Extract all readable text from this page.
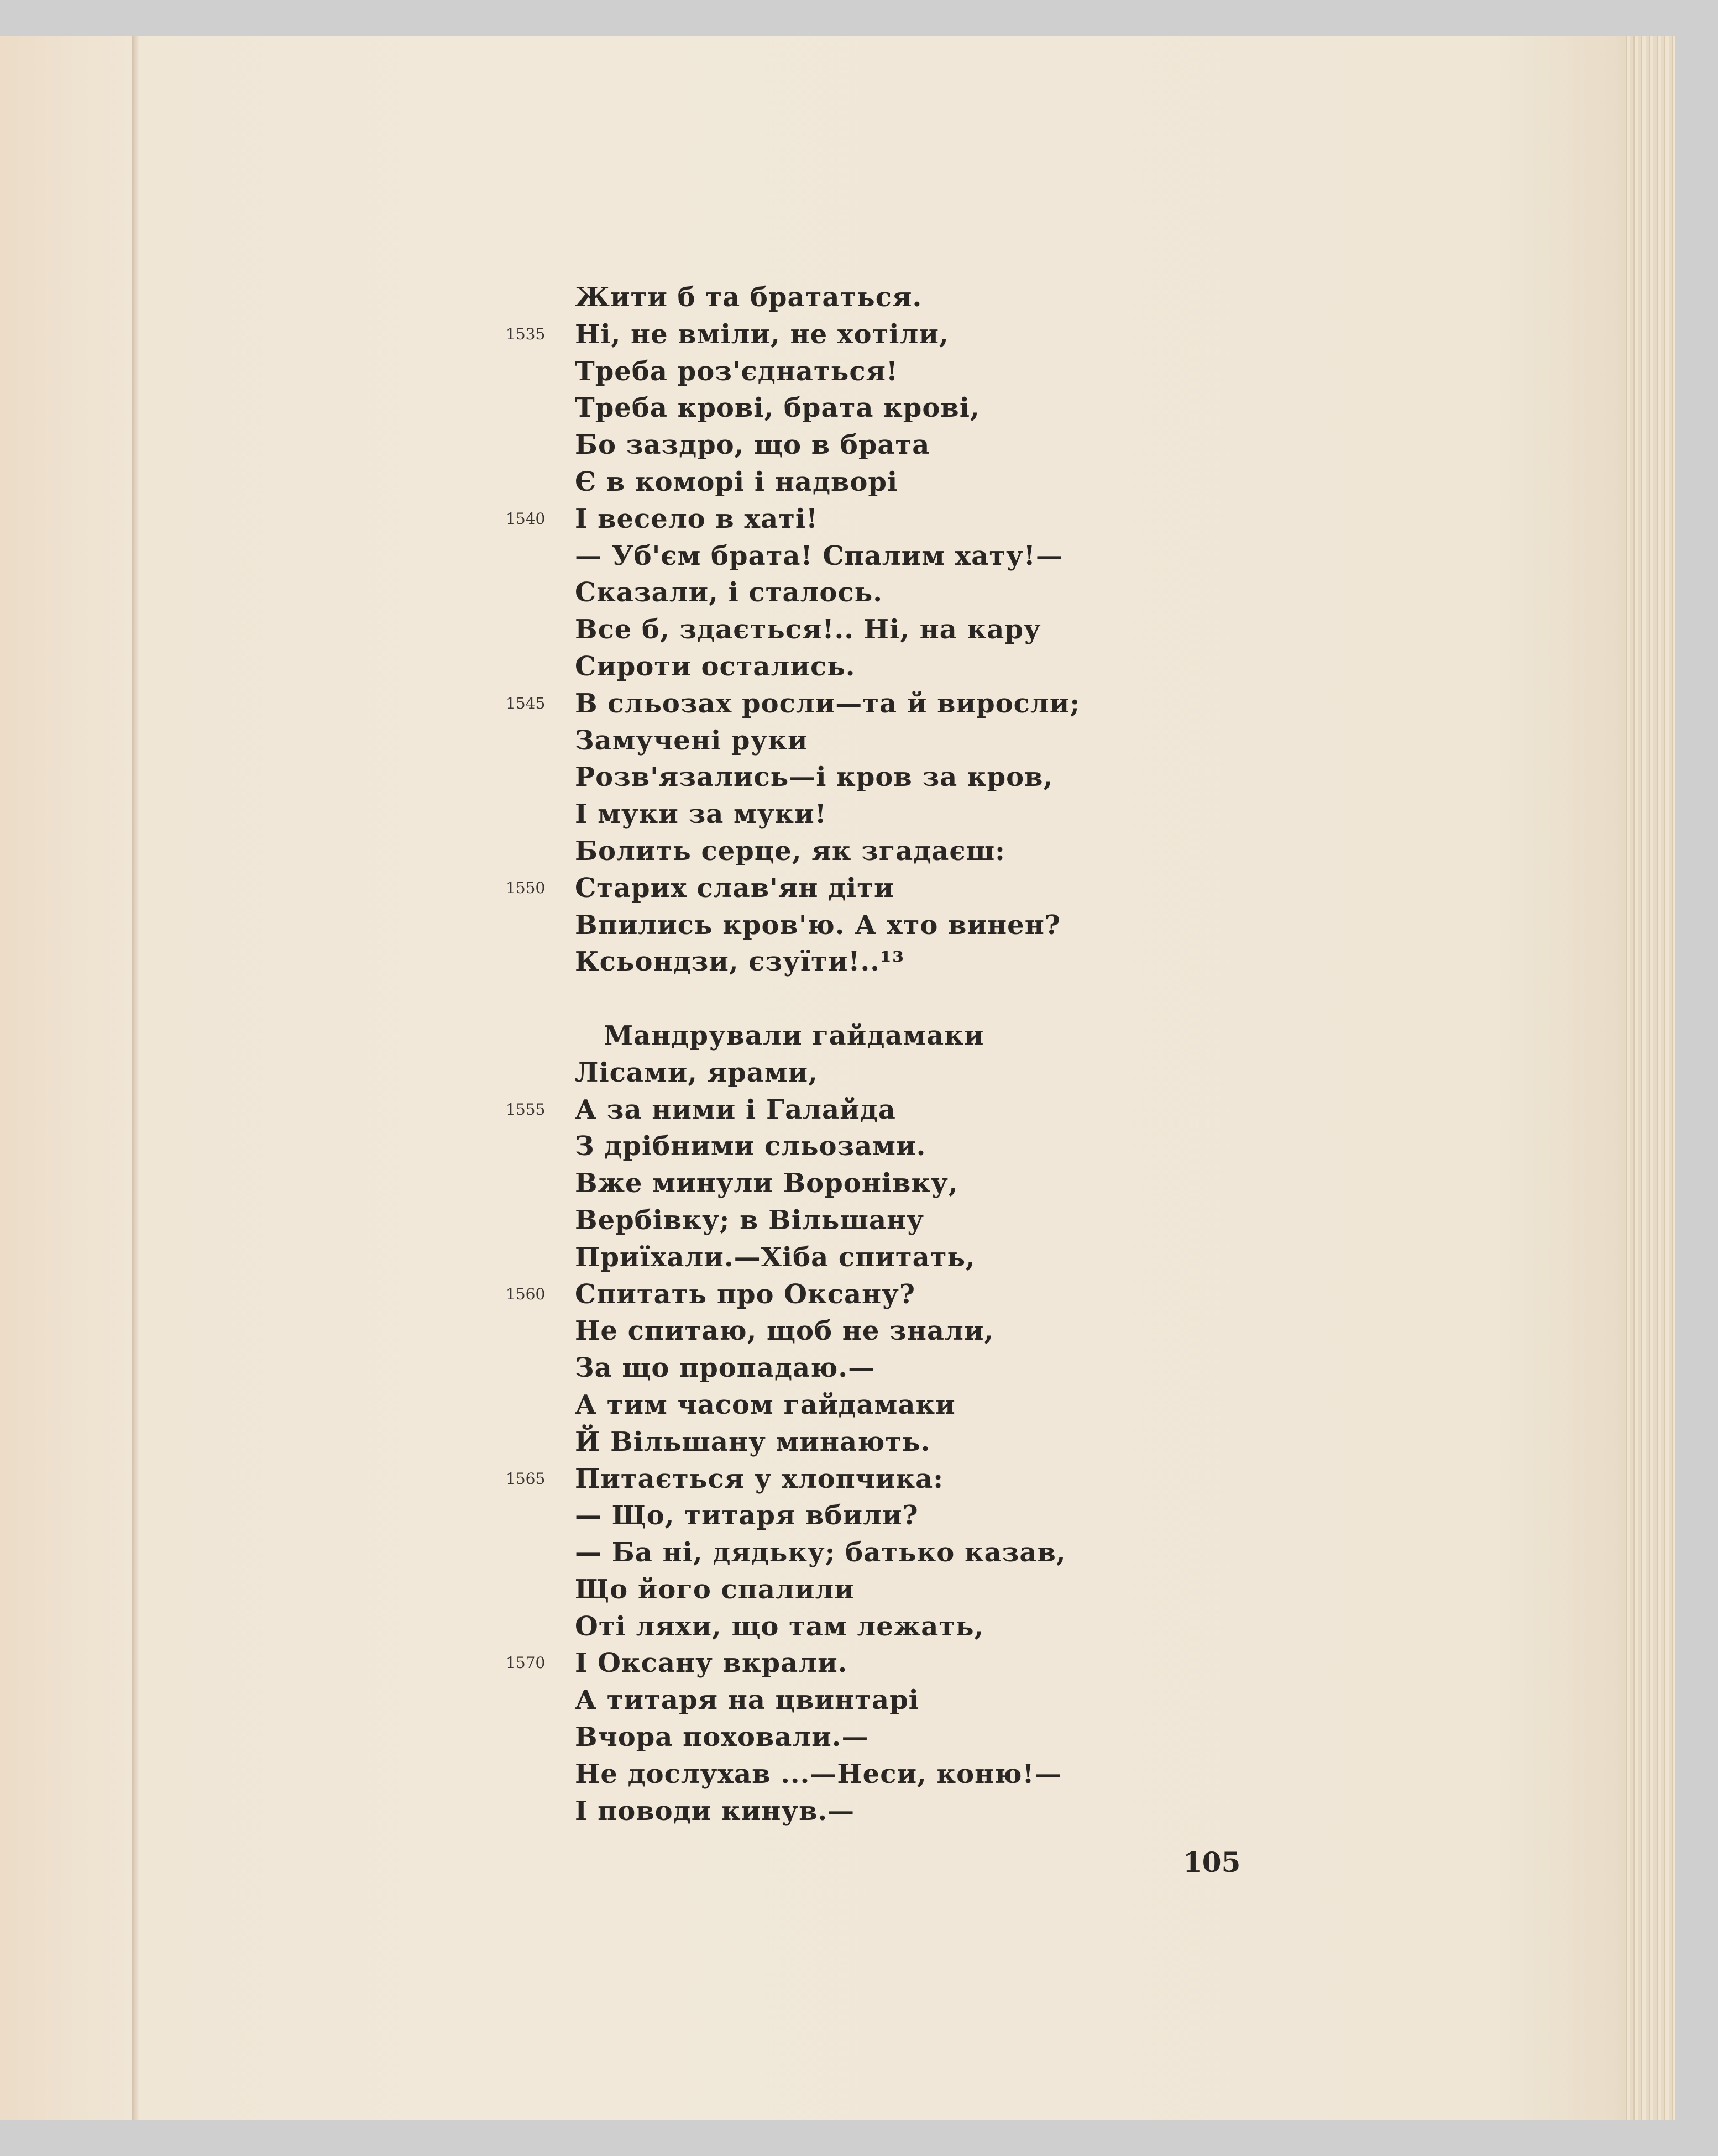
Жити б та брататься.
1535 Ні, не вміли, не хотіли,
Треба роз'єднаться!
Треба крові, брата крові,
Бо заздро, що в брата
Є в коморі і надворі
1540 І весело в хаті!
— Уб'єм брата! Спалим хату!—
Сказали, і сталось.
Все б, здається!.. Ні, на кару
Сироти остались.
1545 В сльозах росли—та й виросли;
Замучені руки
Розв'язались—і кров за кров,
І муки за муки!
Болить серце, як згадаєш:
1550 Старих слав'ян діти
Впились кров'ю. А хто винен?
Ксьондзи, єзуїти!..¹³
Мандрували гайдамаки
Лісами, ярами,
1555 А за ними і Галайда
З дрібними сльозами.
Вже минули Воронівку,
Вербівку; в Вільшану
Приїхали.—Хіба спитать,
1560 Спитать про Оксану?
Не спитаю, щоб не знали,
За що пропадаю.—
А тим часом гайдамаки
Й Вільшану минають.
1565 Питається у хлопчика:
— Що, титаря вбили?
— Ба ні, дядьку; батько казав,
Що його спалили
Оті ляхи, що там лежать,
1570 І Оксану вкрали.
А титаря на цвинтарі
Вчора поховали.—
Не дослухав ...—Неси, коню!—
І поводи кинув.—
105
